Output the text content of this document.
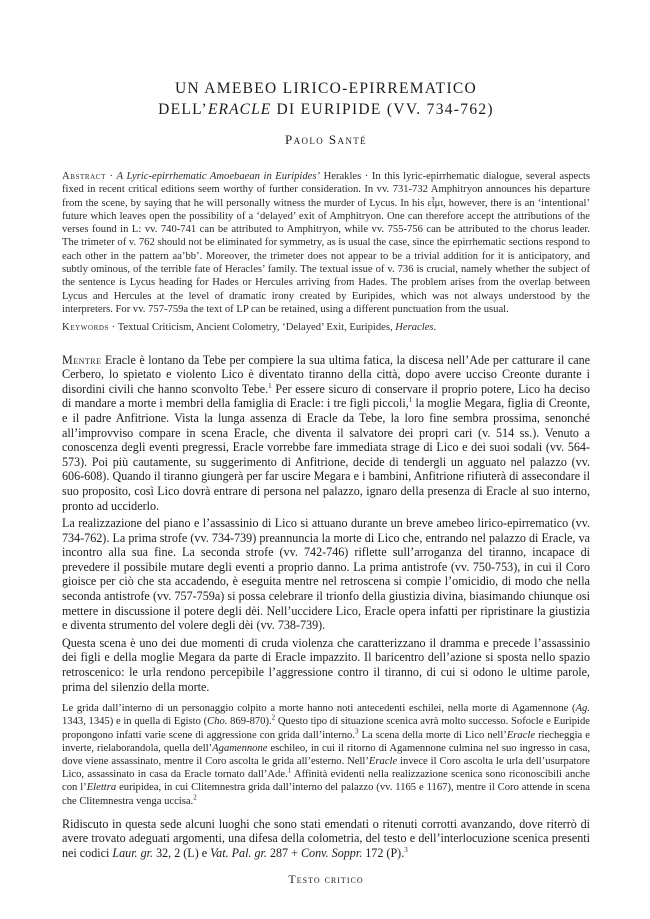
UN AMEBEO LIRICO-EPIRREMATICO
DELL’ERACLE DI EURIPIDE (VV. 734-762)
Paolo Santé
Abstract · A Lyric-epirrhematic Amoebaean in Euripides’ Herakles · In this lyric-epirrhematic dialogue, several aspects fixed in recent critical editions seem worthy of further consideration. In vv. 731-732 Amphitryon announces his departure from the scene, by saying that he will personally witness the murder of Lycus. In his εἶμι, however, there is an ‘intentional’ future which leaves open the possibility of a ‘delayed’ exit of Amphitryon. One can therefore accept the attributions of the verses found in L: vv. 740-741 can be attributed to Amphitryon, while vv. 755-756 can be attributed to the chorus leader. The trimeter of v. 762 should not be eliminated for symmetry, as is usual the case, since the epirrhematic sections respond to each other in the pattern aa’bb’. Moreover, the trimeter does not appear to be a trivial addition for it is anticipatory, and subtly ominous, of the terrible fate of Heracles’ family. The textual issue of v. 736 is crucial, namely whether the subject of the sentence is Lycus heading for Hades or Hercules arriving from Hades. The problem arises from the overlap between Lycus and Hercules at the level of dramatic irony created by Euripides, which was not always understood by the interpreters. For vv. 757-759a the text of LP can be retained, using a different punctuation from the usual.
Keywords · Textual Criticism, Ancient Colometry, ‘Delayed’ Exit, Euripides, Heracles.

Mentre Eracle è lontano da Tebe per compiere la sua ultima fatica, la discesa nell’Ade per catturare il cane Cerbero, lo spietato e violento Lico è diventato tiranno della città, dopo avere ucciso Creonte durante i disordini civili che hanno sconvolto Tebe.$^1$ Per essere sicuro di conservare il proprio potere, Lico ha deciso di mandare a morte i membri della famiglia di Eracle: i tre figli piccoli,$^1$ la moglie Megara, figlia di Creonte, e il padre Anfitrione. Vista la lunga assenza di Eracle da Tebe, la loro fine sembra prossima, senonché all’improvviso compare in scena Eracle, che diventa il salvatore dei propri cari (v. 514 ss.). Venuto a conoscenza degli eventi pregressi, Eracle vorrebbe fare immediata strage di Lico e dei suoi sodali (vv. 564-573). Poi più cautamente, su suggerimento di Anfitrione, decide di tendergli un agguato nel palazzo (vv. 606-608). Quando il tiranno giungerà per far uscire Megara e i bambini, Anfitrione rifiuterà di assecondare il suo proposito, così Lico dovrà entrare di persona nel palazzo, ignaro della presenza di Eracle al suo interno, pronto ad ucciderlo.

La realizzazione del piano e l’assassinio di Lico si attuano durante un breve amebeo lirico-epirrematico (vv. 734-762). La prima strofe (vv. 734-739) preannuncia la morte di Lico che, entrando nel palazzo di Eracle, va incontro alla sua fine. La seconda strofe (vv. 742-746) riflette sull’arroganza del tiranno, incapace di prevedere il possibile mutare degli eventi a proprio danno. La prima antistrofe (vv. 750-753), in cui il Coro gioisce per ciò che sta accadendo, è eseguita mentre nel retroscena si compie l’omicidio, di modo che nella seconda antistrofe (vv. 757-759a) si possa celebrare il trionfo della giustizia divina, biasimando chiunque osi mettere in discussione il potere degli dèi. Nell’uccidere Lico, Eracle opera infatti per ripristinare la giustizia e diventa strumento del volere degli dèi (vv. 738-739).

Questa scena è uno dei due momenti di cruda violenza che caratterizzano il dramma e precede l’assassinio dei figli e della moglie Megara da parte di Eracle impazzito. Il baricentro dell’azione si sposta nello spazio retroscenico: le urla rendono percepibile l’aggressione contro il tiranno, di cui si odono le ultime parole, prima del silenzio della morte.

Le grida dall’interno di un personaggio colpito a morte hanno noti antecedenti eschilei, nella morte di Agamennone (Ag. 1343, 1345) e in quella di Egisto (Cho. 869-870).$^2$ Questo tipo di situazione scenica avrà molto successo. Sofocle e Euripide propongono infatti varie scene di aggressione con grida dall’interno.$^3$ La scena della morte di Lico nell’Eracle riecheggia e inverte, rielaborandola, quella dell’Agamennone eschileo, in cui il ritorno di Agamennone culmina nel suo ingresso in casa, dove viene assassinato, mentre il Coro ascolta le grida all’esterno. Nell’Eracle invece il Coro ascolta le urla dell’usurpatore Lico, assassinato in casa da Eracle tornato dall’Ade.$^1$ Affinità evidenti nella realizzazione scenica sono riconoscibili anche con l’Elettra euripidea, in cui Clitemnestra grida dall’interno del palazzo (vv. 1165 e 1167), mentre il Coro attende in scena che Clitemnestra venga uccisa.$^2$
Ridiscuto in questa sede alcuni luoghi che sono stati emendati o ritenuti corrotti avanzando, dove riterrò di avere trovato adeguati argomenti, una difesa della colometria, del testo e dell’interlocuzione scenica presenti nei codici Laur. gr. 32, 2 (L) e Vat. Pal. gr. 287 + Conv. Soppr. 172 (P).$^3$
Testo critico
